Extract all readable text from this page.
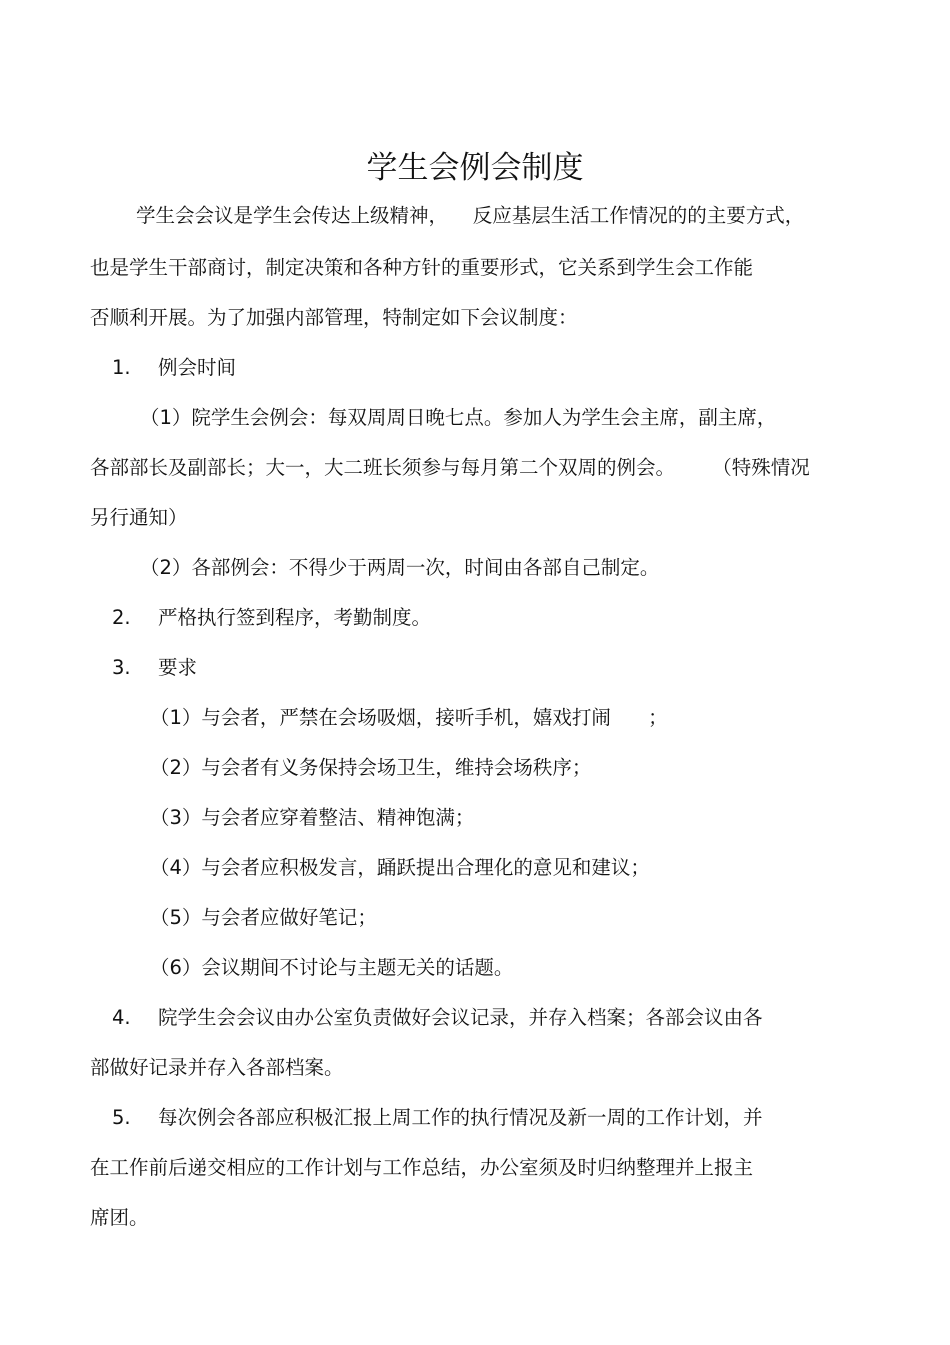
学生会例会制度
学生会会议是学生会传达上级精神，    反应基层生活工作情况的的主要方式，
也是学生干部商讨，制定决策和各种方针的重要形式，它关系到学生会工作能
否顺利开展。为了加强内部管理，特制定如下会议制度：
1. 例会时间
（1）院学生会例会：每双周周日晚七点。参加人为学生会主席，副主席，
各部部长及副部长；大一，大二班长须参与每月第二个双周的例会。      （特殊情况
另行通知）
（2）各部例会：不得少于两周一次，时间由各部自己制定。
2. 严格执行签到程序，考勤制度。
3. 要求
（1）与会者，严禁在会场吸烟，接听手机，嬉戏打闹      ；
（2）与会者有义务保持会场卫生，维持会场秩序；
（3）与会者应穿着整洁、精神饱满；
（4）与会者应积极发言，踊跃提出合理化的意见和建议；
（5）与会者应做好笔记；
（6）会议期间不讨论与主题无关的话题。
4. 院学生会会议由办公室负责做好会议记录，并存入档案；各部会议由各
部做好记录并存入各部档案。
5. 每次例会各部应积极汇报上周工作的执行情况及新一周的工作计划，并
在工作前后递交相应的工作计划与工作总结，办公室须及时归纳整理并上报主
席团。
